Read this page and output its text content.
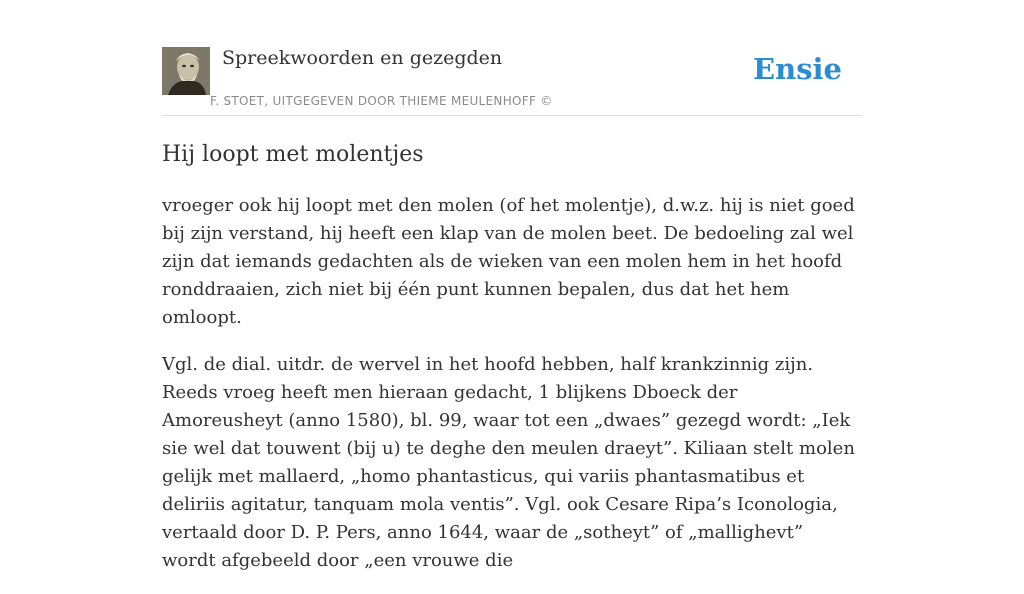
Spreekwoorden en gezegden
F. STOET, UITGEGEVEN DOOR THIEME MEULENHOFF ©
Ensie
Hij loopt met molentjes

vroeger ook hij loopt met den molen (of het molentje), d.w.z. hij is niet goed bij zijn verstand, hij heeft een klap van de molen beet. De bedoeling zal wel zijn dat iemands gedachten als de wieken van een molen hem in het hoofd ronddraaien, zich niet bij één punt kunnen bepalen, dus dat het hem omloopt.

Vgl. de dial. uitdr. de wervel in het hoofd hebben, half krankzinnig zijn. Reeds vroeg heeft men hieraan gedacht, 1 blijkens Dboeck der Amoreusheyt (anno 1580), bl. 99, waar tot een „dwaes” gezegd wordt: „Iek sie wel dat touwent (bij u) te deghe den meulen draeyt”. Kiliaan stelt molen gelijk met mallaerd, „homo phantasticus, qui variis phantasmatibus et deliriis agitatur, tanquam mola ventis”. Vgl. ook Cesare Ripa’s Iconologia, vertaald door D. P. Pers, anno 1644, waar de „sotheyt” of „mallighevt” wordt afgebeeld door „een vrouwe die
